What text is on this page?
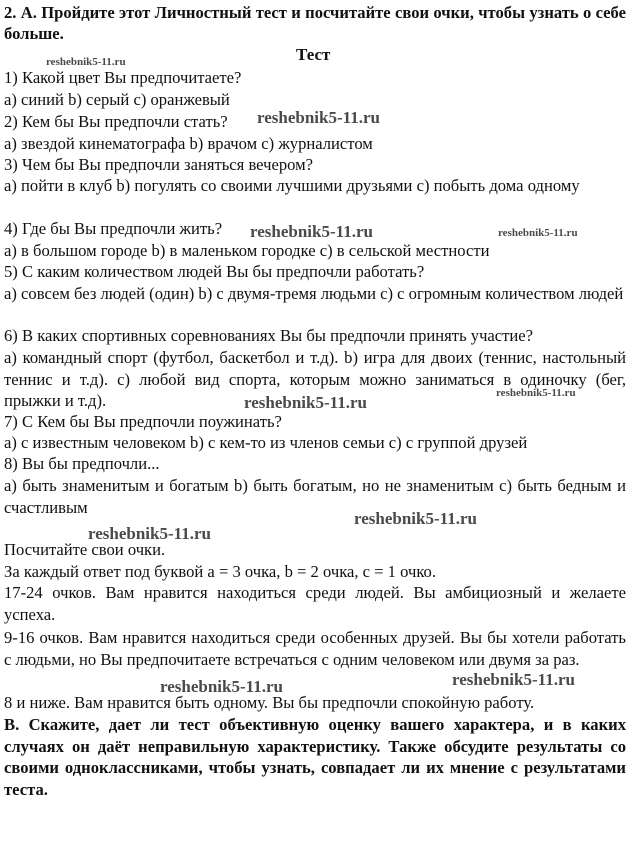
2. А. Пройдите этот Личностный тест и посчитайте свои очки, чтобы узнать о себе больше.

Тест

1) Какой цвет Вы предпочитаете?

а) синий b) серый с) оранжевый

2) Кем бы Вы предпочли стать?

а) звездой кинематографа b) врачом с) журналистом

3) Чем бы Вы предпочли заняться вечером?

а) пойти в клуб b) погулять со своими лучшими друзьями с) побыть дома одному

4) Где бы Вы предпочли жить?

а) в большом городе b) в маленьком городке с) в сельской местности

5) С каким количеством людей Вы бы предпочли работать?

а) совсем без людей (один) b) с двумя-тремя людьми с) с огромным количеством людей

6) В каких спортивных соревнованиях Вы бы предпочли принять участие?

а) командный спорт (футбол, баскетбол и т.д). b) игра для двоих (теннис, настольный теннис и т.д). с) любой вид спорта, которым можно заниматься в одиночку (бег, прыжки и т.д).

7) С Кем бы Вы предпочли поужинать?

а) с известным человеком b) с кем-то из членов семьи с) с группой друзей

8) Вы бы предпочли...

а) быть знаменитым и богатым b) быть богатым, но не знаменитым с) быть бедным и счастливым

Посчитайте свои очки.

За каждый ответ под буквой а = 3 очка, b = 2 очка, с = 1 очко.

17-24 очков. Вам нравится находиться среди людей. Вы амбициозный и желаете успеха.

9-16 очков. Вам нравится находиться среди особенных друзей. Вы бы хотели работать с людьми, но Вы предпочитаете встречаться с одним человеком или двумя за раз.

8 и ниже. Вам нравится быть одному. Вы бы предпочли спокойную работу.

В. Скажите, дает ли тест объективную оценку вашего характера, и в каких случаях он даёт неправильную характеристику. Также обсудите результаты со своими одноклассниками, чтобы узнать, совпадает ли их мнение с результатами теста.

reshebnik5-11.ru
reshebnik5-11.ru
reshebnik5-11.ru	reshebnik5-11.ru
reshebnik5-11.ru
reshebnik5-11.ru
reshebnik5-11.ru
reshebnik5-11.ru
reshebnik5-11.ru
reshebnik5-11.ru
